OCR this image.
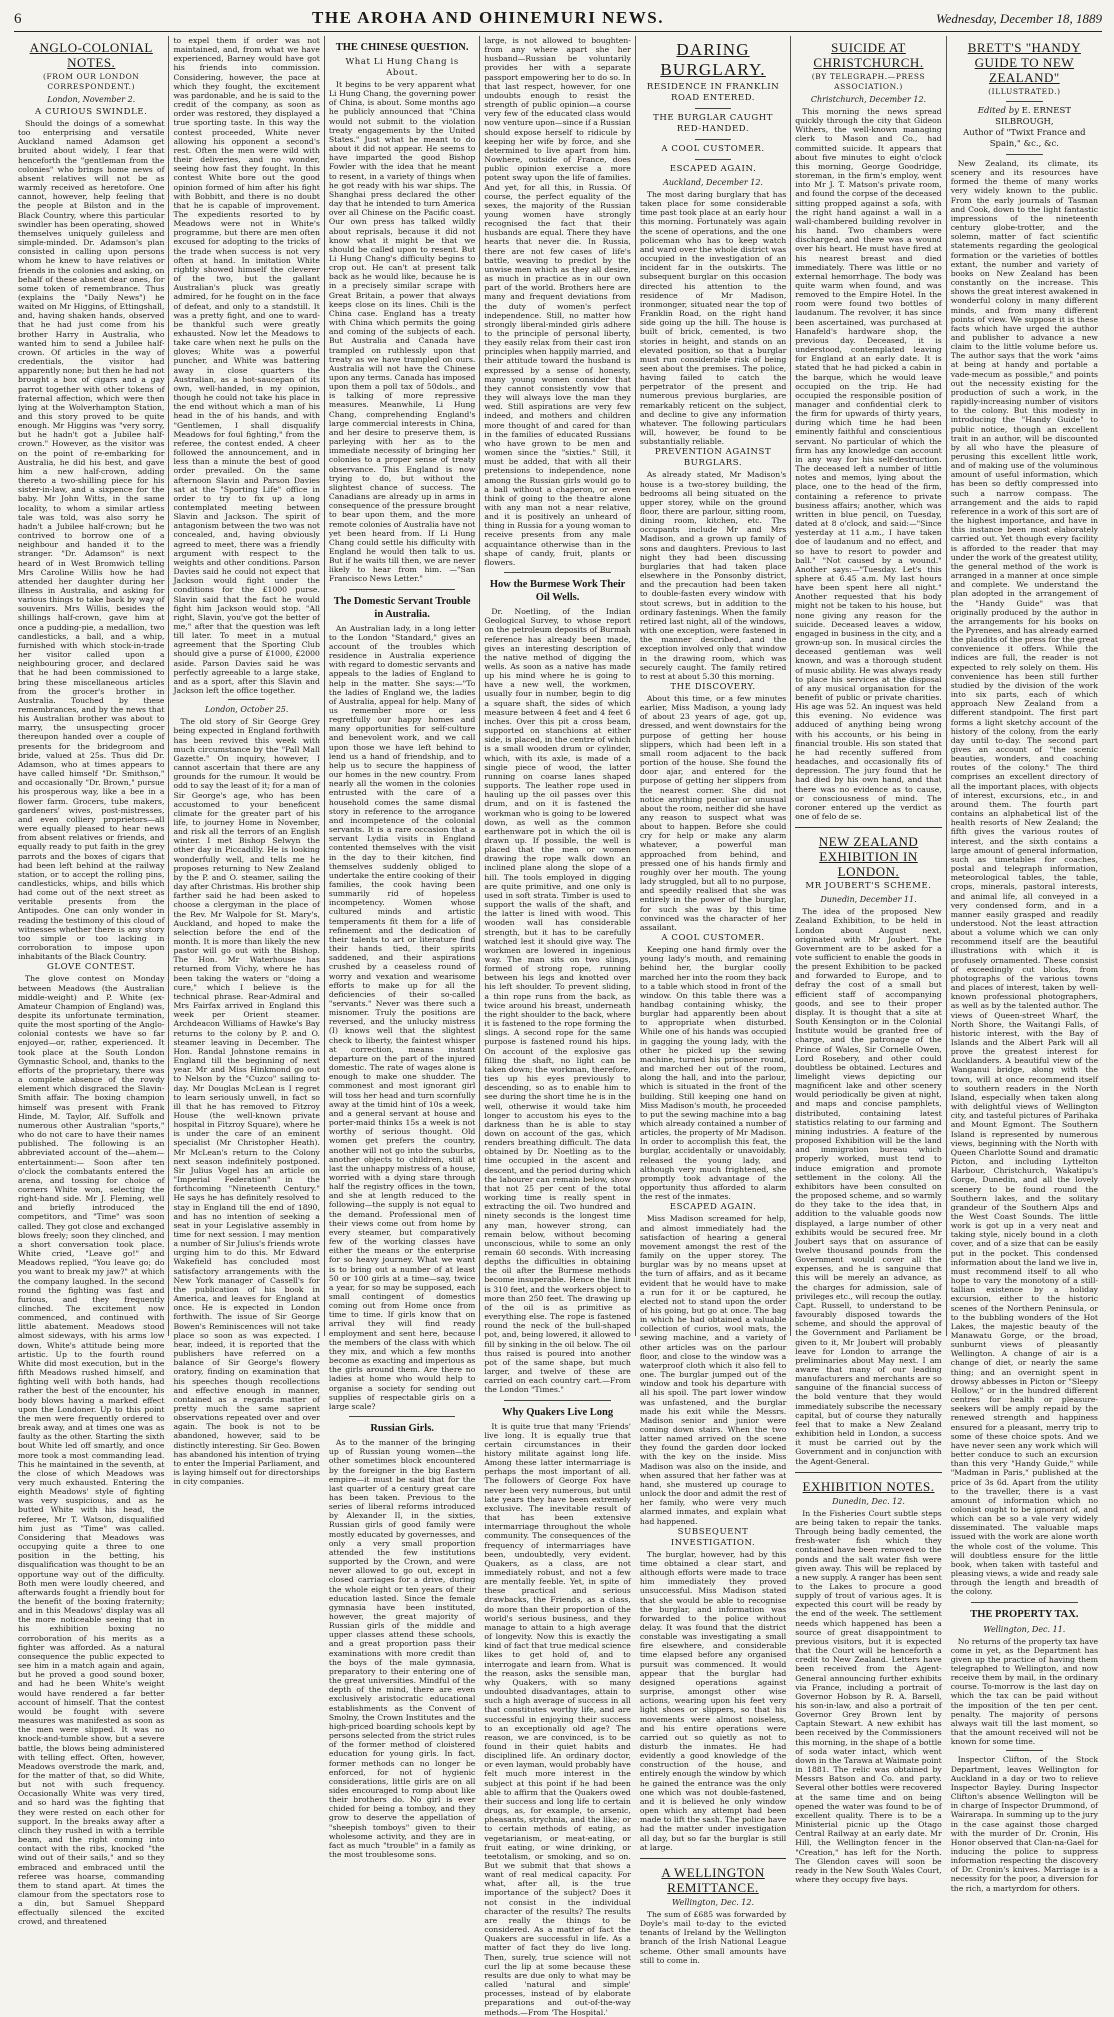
6	THE AROHA AND OHINEMURI NEWS.	Wednesday, December 18, 1889
ANGLO-COLONIAL NOTES.
(FROM OUR LONDON CORRESPONDENT.)
London, November 2.
A CURIOUS SWINDLE.

Should the doings of a somewhat too enterprising and versatile Auckland named Adamson get bruited about widely, I fear that henceforth the "gentleman from the colonies" who brings home news of absent relatives will not be as warmly received as heretofore. One cannot, however, help feeling that the people at Bilston and in the Black Country, where this particular swindler has been operating, showed themselves uniquely guileless and simple-minded. Dr. Adamson's plan consisted in calling upon persons whom he knew to have relatives or friends in the colonies and asking, on behalf of these absent dear ones, for some token of remembrance. Thus (explains the "Daily News") he waited on Mr Higgins, of Ettingshall, and, having shaken hands, observed that he had just come from his brother Harry in Australia, who wanted him to send a Jubilee half-crown. Of articles in the way of credentials, the visitor had apparently none; but then he had not brought a box of cigars and a gay parrot together with other tokens of fraternal affection, which were then lying at the Wolverhampton Station, and this story proved to be quite enough. Mr Higgins was "very sorry, but he hadn't got a Jubilee half-crown." However, as the visitor was on the point of re-embarking for Australia, he did his best, and gave him a new half-crown, adding thereto a two-shilling piece for his sister-in-law, and a sixpence for the baby. Mr John Witts, in the same locality, to whom a similar artless tale was told, was also sorry he hadn't a Jubilee half-crown; but he contrived to borrow one of a neighbour and handed it to the stranger. "Dr. Adamson" is next heard of in West Bromwich telling Mrs Caroline Willis how he had attended her daughter during her illness in Australia, and asking for various things to take back by way of souvenirs. Mrs Willis, besides the shillings half-crown, gave him at once a pudding-pie, a medallion, two candlesticks, a ball, and a whip, furnished with which stock-in-trade her visitor called upon a neighbouring grocer, and declared that he had been commissioned to bring these miscellaneous articles from the grocer's brother in Australia. Touched by these remembrances, and by the news that his Australian brother was about to marry, the unsuspecting grocer thereupon handed over a couple of presents for the bridegroom and bride, valued at 25s. Thus did Dr. Adamson, who at times appears to have called himself "Dr. Smithson," and occasionally "Dr. Brown," pursue his prosperous way, like a bee in a flower farm. Grocers, tube makers, gardeners' wives, post-mistresses, and even colliery proprietors—all were equally pleased to hear news from absent relatives or friends, and equally ready to put faith in the grey parrots and the boxes of cigars that had been left behind at the railway station, or to accept the rolling pins, candlesticks, whips, and bills which had come out of the next street as veritable presents from the Antipodes. One can only wonder in reading the testimony of this cloud of witnesses whether there is any story too simple or too lacking in corroboration to impose upon inhabitants of the Black Country.

GLOVE CONTEST.

The glove contest on Monday between Meadows (the Australian middle-weight) and P. White (ex-Amateur Champion of England) was, despite its unfortunate termination, quite the most sporting of the Anglo-colonial contests we have so far enjoyed—or, rather, experienced. It took place at the South London Gymnastic School, and, thanks to the efforts of the proprietary, there was a complete absence of the rowdy element which disgraced the Slavin-Smith affair. The boxing champion himself was present with Frank Hinde, M. Taylor, Alf. Suffolk and numerous other Australian "sports," who do not care to have their names published. The following is an abbreviated account of the—ahem—entertainment:— Soon after ten o'clock the combatants entered the arena, and tossing for choice of corners White won, selecting the right-hand side. Mr J. Fleming, well and briefly introduced the competitors, and "Time" was soon called. They got close and exchanged blows freely; soon they clinched, and a short conversation took place. White cried, "Leave go!" and Meadows replied, "You leave go; do you want to break my jaw?" at which the company laughed. In the second round the fighting was fast and furious, and they frequently clinched. The excitement now commenced, and continued with little abatement. Meadows stood almost sideways, with his arms low down, White's attitude being more artistic. Up to the fourth round White did most execution, but in the fifth Meadows rushed himself, and fighting well with both hands, had rather the best of the encounter, his body blows having a marked effect upon the Londoner. Up to this point the men were frequently ordered to break away, and at times one was as faulty as the other. Starting the sixth bout White led off smartly, and once more took a most commanding lead. This he maintained in the seventh, at the close of which Meadows was very much exhausted. Entering the eighth Meadows' style of fighting was very suspicious, and as he butted White with his head, the referee, Mr T. Watson, disqualified him just as "Time" was called. Considering that Meadows was occupying quite a three to one position in the betting, his disqualification was thought to be an opportune way out of the difficulty. Both men were loudly cheered, and afterwards fought a friendly bout for the benefit of the boxing fraternity; and in this Meadows' display was all the more noticeable seeing that in his exhibition boxing no corroboration of his merits as a fighter was afforded. As a natural consequence the public expected to see him in a match again and again, but he proved a good sound boxer, and had he been White's weight would have rendered a far better account of himself. That the contest would be fought with severe measures was manifested as soon as the men were slipped. It was no knock-and-tumble show, but a severe battle, the blows being administered with telling effect. Often, however, Meadows overstrode the mark, and, for the matter of that, so did White, but not with such frequency. Occasionally White was very tired, and so hard was the fighting that they were rested on each other for support. In the breaks away after a clinch they rushed in with a terrible beam, and the right coming into contact with the ribs, knocked "the wind out of their sails," and so they embraced and embraced until the referee was hoarse, commanding them to stand apart. At times the clamour from the spectators rose to a din, but Samuel Sheppard effectually silenced the excited crowd, and threatened

to expel them if order was not maintained, and, from what we have experienced, Barney would have got his friends into commission. Considering, however, the pace at which they fought, the excitement was pardonable, and he is said to the credit of the company, as soon as order was restored, they displayed a true sporting taste. In this way the contest proceeded, White never allowing his opponent a second's rest. Often the men were wild with their deliveries, and no wonder, seeing how fast they fought. In this contest White bore out the good opinion formed of him after his fight with Bobbitt, and there is no doubt that he is capable of improvement. The expedients resorted to by Meadows were not in White's programme, but there are men often excused for adopting to the tricks of the trade when success is not very often at hand. In imitation White rightly showed himself the cleverer of the two, but the gallant Australian's pluck was greatly admired, for he fought on in the face of defeat, and only to a standstill. It was a pretty fight, and one to ward-be thankful such were greatly exhausted. Now let the Meadows to take care when next he pulls on the gloves; White was a powerful puncher, and White was battering away in close quarters the Australian, as a hot-saucepan of its own, well-handed, in my opinion, though he could not take his place in the end without which a man of his head in the of his hands, and with "Gentlemen, I shall disqualify Meadows for foul fighting," from the referee, the contest ended. A cheer followed the announcement, and in less than a minute the best of good order prevailed. On the same afternoon Slavin and Parson Davies sat at the "Sporting Life" office in order to try to fix up a long contemplated meeting between Slavin and Jackson. The spirit of antagonism between the two was not concealed, and, having obviously agreed to meet, there was a friendly argument with respect to the weights and other conditions. Parson Davies said he could not expect that Jackson would fight under the conditions for the £1000 purse. Slavin said that the fact he would fight him Jackson would stop. "All right, Slavin, you've got the better of me," after that the question was left till later. To meet in a mutual agreement that the Sporting Club should give a purse of £1000, £2000 aside. Parson Davies said he was perfectly agreeable to a large stake, and as a sport, after this Slavin and Jackson left the office together.

London, October 25.

The old story of Sir George Grey being expected in England forthwith has been revived this week with much circumstance by the "Pall Mall Gazette." On inquiry, however, I cannot ascertain that there are any grounds for the rumour. It would be odd to say the least of it; for a man of Sir George's age, who has been accustomed to your beneficent climate for the greater part of his life, to journey Home in November, and risk all the terrors of an English winter. I met Bishop Selwyn the other day in Piccadilly. He is looking wonderfully well, and tells me he proposes returning to New Zealand by the P. and O. steamer, sailing the day after Christmas. His brother ship farther said he had been asked to choose a clergyman in the place of the Rev. Mr Walpole for St. Mary's, Auckland, and hoped to make the selection before the end of the month. It is more than likely the new pastor will go out with the Bishop. The Hon. Mr Waterhouse has returned from Vichy, where he has been taking the waters or "doing a cure," which I believe is the technical phrase. Rear-Admiral and Mrs Fairfax arrived in England this week per Orient steamer. Archdeacon Williams of Hawke's Bay returns to the colony by P. and O. steamer leaving in December. The Hon. Randal Johnstone remains in England till the beginning of next year. Mr and Miss Hinkmond go out to Nelson by the "Cuzco" sailing to-day. Mr Douglas McLean is I regret to learn seriously unwell, in fact so ill that he has removed to Fitzroy House (the well-known private hospital in Fitzroy Square), where he is under the care of an eminent specialist (Mr Christopher Heath). Mr McLean's return to the Colony next season indefinitely postponed. Sir Julius Vogel has an article on "Imperial Federation" in the forthcoming "Nineteenth Century." He says he has definitely resolved to stay in England till the end of 1890, and has no intention of seeking a seat in your Legislative assembly in time for next session. I may mention a number of Sir Julius's friends wrote urging him to do this. Mr Edward Wakefield has concluded most satisfactory arrangements with the New York manager of Cassell's for the publication of his book in America, and leaves for England at once. He is expected in London forthwith. The issue of Sir George Bowen's Reminiscences will not take place so soon as was expected. I hear, indeed, it is reported that the publishers have referred on a balance of Sir George's flowery oratory, finding on examination that his speeches though recollections and effective enough in manner, contained as a regards matter of pretty much the same saprient observations repeated over and over again. The book is not to be abandoned, however, said to be distinctly interesting. Sir Geo. Bowen has abandoned his intention of trying to enter the Imperial Parliament, and is laying himself out for directorships in city companies.

THE CHINESE QUESTION.
What Li Hung Chang is About.

It begins to be very apparent what Li Hung Chang, the governing power of China, is about. Some months ago he publicly announced that "China would not submit to the violation treaty engagements by the United States." Just what he meant to do about it did not appear. He seems to have imparted the good Bishop Fowler with the idea that he meant to resent, in a variety of things when he got ready with his war ships. The Shanghai press declared the other day that he intended to turn America over all Chinese on the Pacific coast. Our own press has talked wildly about reprisals, because it did not know what it might be that we should be called upon to resent. But Li Hung Chang's difficulty begins to crop out. He can't at present talk back as he would like, because he is in a precisely similar scrape with Great Britain, a power that always keeps close on its lines. Chili is the China case. England has a treaty with China which permits the going and coming of the subjects of each. But Australia and Canada have trampled on ruthlessly upon that treaty as we have trampled on ours. Australia will not have the Chinese upon any terms. Canada has imposed upon them a poll tax of 50dols., and is talking of more repressive measures. Meanwhile, Li Hung Chang, comprehending England's large commercial interests in China, and her desire to preserve them, is parleying with her as to the immediate necessity of bringing her colonies to a proper sense of treaty observance. This England is now trying to do, but without the slightest chance of success. The Canadians are already up in arms in consequence of the pressure brought to bear upon them, and the more remote colonies of Australia have not yet been heard from. If Li Hung Chang could settle his difficulty with England he would then talk to us. But if he waits till then, we are never likely to hear from him. —"San Francisco News Letter."

The Domestic Servant Trouble in Australia.

An Australian lady, in a long letter to the London "Standard," gives an account of the troubles which residence in Australia experience with regard to domestic servants and appeals to the ladies of England to help in the matter. She says:—"To the ladies of England we, the ladies of Australia, appeal for help. Many of us remember more or less regretfully our happy homes and many opportunities for self-culture and benevolent work, and we call upon those we have left behind to lend us a hand of friendship, and to help us to secure the happiness of our homes in the new country. From nearly all the women in the colonies entrusted with the care of a household comes the same dismal story in reference to the arrogance and incompetence of the colonial servants. It is a rare occasion that a servant Lydia visits in England contented themselves with the visit in the day to their kitchen, find themselves suddenly obliged to undertake the entire cooking of their families, the cook having been summarily rid of hopeless incompetency. Women whose cultured minds and artistic temperaments fit them for a life of refinement and the dedication of their talents to art or literature find their hands tied, their spirits saddened, and their aspirations crushed by a ceaseless round of worry and vexation and wearisome efforts to make up for all the deficiencies of their so-called "servants." Never was there such a misnomer. Truly the positions are reversed, and the unlucky mistress (I) knows well that the slightest check to liberty, the faintest whisper at correction, means instant departure on the part of the injured domestic. The rate of wages alone is enough to make one shudder. The commonest and most ignorant girl will toss her head and turn scornfully away at the timid hint of 10s a week, and a general servant at house and porter-maid thinks 15s a week is not worthy of serious thought. Old women get prefers the country, another will not go into the suburbs, another objects to children, still at last the unhappy mistress of a house, worried with a dying stare through half the registry offices in the town, and she at length reduced to the following—the supply is not equal to the demand. Professional men of their views come out from home by every steamer, but comparatively few of the working classes have either the means or the enterprise for so heavy journey. What we want is to bring out a number of at least 50 or 100 girls at a time—say, twice a year, for so may be supposed, each small contingent of domestics coming out from Home once from time to time. If girls know that on arrival they will find ready employment and sent here, because the members of the class with which they mix, and which a few months become as exacting and imperious as the girls around them. Are there no ladies at home who would help to organise a society for sending out supplies of respectable girls on a large scale?

Russian Girls.

As to the manner of the bringing up of Russian young women—the other sometimes block encountered by the foreigner in the big Eastern empire—it must be said that for the last quarter of a century great care has been taken. Previous to the series of liberal reforms introduced by Alexander II, in the sixties, Russian girls of good family were mostly educated by governesses, and only a very small proportion attended the few institutions supported by the Crown, and were never allowed to go out, except in closed carriages for a drive, during the whole eight or ten years of their education lasted. Since the female gymnasia have been instituted, however, the great majority of Russian girls of the middle and upper classes attend these schools, and a great proportion pass their examinations with more credit than the boys of the male gymnasia, preparatory to their entering one of the great universities. Mindful of the depth of the mind, there are even exclusively aristocratic educational establishments as the Convent of Smolny, the Crown Institutes and the high-priced boarding schools kept by persons selected from the strict rules of the former method of cloistered education for young girls. In fact, former methods can no longer be enforced, for not of hygienic considerations, little girls are on all sides encouraged to romp about like their brothers do. No girl is ever chided for being a tomboy, and they grow to deserve the appellation of "sheepish tomboys" given to their wholesome activity, and they are in fact as much "trouble" in a family as the most troublesome sons.

large, is not allowed to boughten-from any where apart she her husband—Russian be voluntarily provides her with a separate passport empowering her to do so. In that last respect, however, for one undoubts enough to resist the strength of public opinion—a course very few of the educated class would now venture upon—since if a Russian should expose herself to ridicule by keeping her wife by force, and she determined to live apart from him. Nowhere, outside of France, does public opinion exercise a more potent sway upon the life of families. And yet, for all this, in Russia. Of course, the perfect equality of the sexes, the majority of the Russian young women have strongly recognised the fact that their husbands are equal. There they have hearts that never die. In Russia, there are not few cases of life's battle, weaving to predict by the unwise men which as they all desire, as much in practice as in our own part of the world. Brothers here are many and frequent deviations from the duty of women's perfect independence. Still, no matter how strongly liberal-minded girls adhere to the principle of personal liberty, they easily relax from their cast iron principles when happily married, and their attitude toward the husband is expressed by a sense of honesty, many young women consider that they cannot consistently vow that they will always love the man they wed. Still aspirations are very few indeed, and mothers and children more thought of and cared for than in the families of educated Russians who have grown to be men and women since the "sixties." Still, it must be added, that with all their pretensions to independence, none among the Russian girls would go to a ball without a chaperon, or even think of going to the theatre alone with any man not a near relative, and it is positively an unheard of thing in Russia for a young woman to receive presents from any male acquaintance otherwise than in the shape of candy, fruit, plants or flowers.

How the Burmese Work Their Oil Wells.

Dr. Noetling, of the Indian Geological Survey, to whose report on the petroleum deposits of Burmah reference has already been made, gives an interesting description of the native method of digging the wells. As soon as a native has made up his mind where he is going to have a new well, the workmen, usually four in number, begin to dig a square shaft, the sides of which measure between 4 feet and 4 feet 6 inches. Over this pit a cross beam, supported on stanchions at either side, is placed, in the centre of which is a small wooden drum or cylinder, which, with its axle, is made of a single piece of wood, the latter running on coarse lanes shaped supports. The leather rope used in hauling up the oil passes over this drum, and on it is fastened the workman who is going to be lowered down, as well as the common earthenware pot in which the oil is drawn up. If possible, the well is placed that the men or women drawing the rope walk down an inclined plane along the slope of a hill. The tools employed in digging are quite primitive, and one only is used in soft strata. Timber is used to support the walls of the shaft, and the latter is lined with wood. This wooden wall has considerable strength, but it has to be carefully watched lest it should give way. The workmen are lowered in ingenious way. The man sits on two slings, formed of strong rope, running between his legs and knotted over his left shoulder. To prevent sliding, a thin rope runs from the back, as twice around his breast, underneath the right shoulder to the back, where it is fastened to the rope forming the slings. A second rope for the same purpose is fastened round his hips. On account of the explosive gas filling the shaft, no light can be taken down; the workman, therefore, ties up his eyes previously to descending, so as to enable him to see during the short time he is in the well, otherwise it would take him longer to accustom his eyes to the darkness than he is able to stay down on account of the gas, which renders breathing difficult. The data obtained by Dr. Noetling as to the time occupied in the ascent and descent, and the period during which the labourer can remain below, show that not 25 per cent of the total working time is really spent in extracting the oil. Two hundred and ninety seconds is the longest time any man, however strong, can remain below, without becoming unconscious, while to some an only remain 60 seconds. With increasing depths the difficulties in obtaining the oil after the Burmese methods become insuperable. Hence the limit is 310 feet, and the workers object to more than 250 feet. The drawing up of the oil is as primitive as everything else. The rope is fastened round the neck of the bull-shaped pot, and, being lowered, it allowed to fill by sinking in the oil below. The oil thus raised is poured into another pot of the same shape, but much larger, and twelve of these are carried on each country cart.—From the London "Times."

Why Quakers Live Long

It is quite true that many 'Friends' live long. It is equally true that certain circumstances in their history militate against long life. Among these latter intermarriage is perhaps the most important of all. The followers of George Fox have never been very numerous, but until late years they have been extremely exclusive. The inevitable result of that has been extensive intermarriage throughout the whole community. The consequences of the frequency of intermarriages have been, undoubtedly, very evident. Quakers, as a class, are not immediately robust, and not a few are mentally feeble. Yet, in spite of these practical and serious drawbacks, the Friends, as a class, do more than their proportion of the world's serious business, and they manage to attain to a high average of longevity. Now this is exactly the kind of fact that true medical science likes to get hold of, and to interrogate and learn from. What is the reason, asks the sensible man, why Quakers, with so many undoubted disadvantages, attain to such a high average of success in all that constitutes worthy life, and are successful in enjoying their success to an exceptionally old age? The reason, we are convinced, is to be found in their quiet habits and disciplined life. An ordinary doctor, or even layman, would probably have felt much more interest in the subject at this point if he had been able to affirm that the Quakers owed their success and long life to certain drugs, as, for example, to arsenic, pheasants, strychnia, and the like; or to certain methods of eating, as vegetarianism, or meat-eating, or fruit eating, or wine drinking, or teetotalism, or smoking, and so on. But we submit that that shows a want of real medical capacity. For what, after all, is the true importance of the subject? Does it not consist in the individual character of the results? The results are really the things to be considered. As a matter of fact the Quakers are successful in life. As a matter of fact they do live long. Then, surely, true science will not curl the lip at some because these results are due only to what may be called 'natural and simple' processes, instead of by elaborate preparations and out-of-the-way methods.—From 'The Hospital.'

DARING BURGLARY.
RESIDENCE IN FRANKLIN ROAD ENTERED.
THE BURGLAR CAUGHT RED-HANDED.
A COOL CUSTOMER.
ESCAPED AGAIN.
Auckland, December 12.

The most daring burglary that has taken place for some considerable time past took place at an early hour this morning. Fortunately was again the scene of operations, and the one policeman who has to keep watch and ward over the whole district was occupied in the investigation of an incident far in the outskirts. The subsequent burglar on this occasion directed his attention to the residence of Mr Madison, ironmonger, situated near the top of Franklin Road, on the right hand side going up the hill. The house is built of brick, cemented, is two stories in height, and stands on an elevated position, so that a burglar must run considerable risk of being seen about the premises. The police, having failed to catch the perpetrator of the present and numerous previous burglaries, are remarkably reticent on the subject, and decline to give any information whatever. The following particulars will, however, be found to be substantially reliable.

PREVENTION AGAINST BURGLARS.

As already stated, Mr Madison's house is a two-storey building, the bedrooms all being situated on the upper storey, while on the ground floor, there are parlour, sitting room, dining room, kitchen, etc. The occupants include Mr and Mrs Madison, and a grown up family of sons and daughters. Previous to last night they had been discussing burglaries that had taken place elsewhere in the Ponsonby district, and the precaution had been taken to double-fasten every window with stout screws, but in addition to the ordinary fastenings. When the family retired last night, all of the windows, with one exception, were fastened in the manner described, and the exception involved only that window in the drawing room, which was securely caught. The family retired to rest at about 5.30 this morning.

THE DISCOVERY.

About this time, or a few minutes earlier, Miss Madison, a young lady of about 23 years of age, got up, dressed, and went downstairs for the purpose of getting her house slippers, which had been left in a small room adjacent to the back portion of the house. She found the door ajar, and entered for the purpose of getting her slippers from the nearest corner. She did not notice anything peculiar or unusual about the room, neither did she have any reason to suspect what was about to happen. Before she could cry for help or make any alarm whatever, a powerful man approached from behind, and pressed one of his hands firmly and roughly over her mouth. The young lady struggled, but all to no purpose, and speedily realised that she was entirely in the power of the burglar, for such she was by this time convinced was the character of her assailant.

A COOL CUSTOMER.

Keeping one hand firmly over the young lady's mouth, and remaining behind her, the burglar coolly marched her into the room they back to a table which stood in front of the window. On this table there was a handbag containing whisky, the burglar had apparently been about to appropriate when disturbed. While one of his hands was occupied in gagging the young lady, with the other he picked up the sewing machine, turned his prisoner round, and marched her out of the room, along the hall, and into the parlour, which is situated in the front of the building. Still keeping one hand on Miss Madison's mouth, he proceeded to put the sewing machine into a bag which already contained a number of articles, the property of Mr Madison. In order to accomplish this feat, the burglar, accidentally or unavoidably, released the young lady, and although very much frightened, she promptly took advantage of the opportunity thus afforded to alarm the rest of the inmates.

ESCAPED AGAIN.

Miss Madison screamed for help, and almost immediately had the satisfaction of hearing a general movement amongst the rest of the family on the upper storey. The burglar was by no means upset at the turn of affairs, and as it became evident that he would have to make a run for it or be captured, he elected not to stand upon the order of his going, but go at once. The bag in which he had obtained a valuable collection of curios, wool mats, the sewing machine, and a variety of other articles was on the parlour floor, and close to the window was a waterproof cloth which it also fell to one. The burglar jumped out of the window and took his departure with all his spoil. The part lower window was unfastened, and the burglar made his exit while the Messrs. Madison senior and junior were coming down stairs. When the two latter named arrived on the scene they found the garden door locked with the key on the inside. Miss Madison was also on the inside, and when assured that her father was at hand, she mustered up courage to unlock the door and admit the rest of her family, who were very much alarmed inmates, and explain what had happened.

SUBSEQUENT INVESTIGATION.

The burglar, however, had by this time obtained a clear start, and although efforts were made to trace him immediately they proved unsuccessful. Miss Madison stated that she would be able to recognise the burglar, and information was forwarded to the police without delay. It was found that the district constable was investigating a small fire elsewhere, and considerable time elapsed before any organised pursuit was commenced. It would appear that the burglar had designed operations against surprise, amongst other wise actions, wearing upon his feet very light shoes or slippers, so that his movements were almost noiseless, and his entire operations were carried out so quietly as not to disturb the inmates. He had evidently a good knowledge of the construction of the house, and entirely enough the window by which he gained the entrance was the only one which was not double-fastened, and it is believed he only window open which any attempt had been made to lift the sash. The police have had the matter under investigation all day, but so far the burglar is still at large.

A WELLINGTON REMITTANCE.
Wellington, Dec. 12.

The sum of £685 was forwarded by Doyle's mail to-day to the evicted tenants of Ireland by the Wellington branch of the Irish National League scheme. Other small amounts have still to come in.

SUICIDE AT CHRISTCHURCH.
(BY TELEGRAPH.—PRESS ASSOCIATION.)
Christchurch, December 12.

This morning the news spread quickly through the city that Gideon Withers, the well-known managing clerk to Mason and Co., had committed suicide. It appears that about five minutes to eight o'clock this morning, George Goodridge, storeman, in the firm's employ, went into Mr J. T. Matson's private room, and found the corpse of the deceased sitting propped against a sofa, with the right hand against a wall in a wall-chambered building revolver in his hand. Two chambers were discharged, and there was a wound over his heart. He must have fired at his nearest breast and died immediately. There was little or no external hemorrhage. The body was quite warm when found, and was removed to the Empire Hotel. In the room were found two bottles of laudanum. The revolver, it has since been ascertained, was purchased at Hanafeld's hardware shop, the previous day. Deceased, it is understood, contemplated leaving for England at an early date. It is stated that he had picked a cabin in the barque, which he would leave occupied on the trip. He had occupied the responsible position of manager and confidential clerk to the firm for upwards of thirty years, during which time he had been eminently faithful and conscientious servant. No particular of which the firm has any knowledge can account in any way for his self-destruction. The deceased left a number of little notes and memos, lying about the place, one to the head of the firm, containing a reference to private business affairs; another, which was written in blue pencil, on Tuesday, dated at 8 o'clock, and said:—"Since yesterday at 11 a.m., I have taken doe of laudanum and no effect, and so have to resort to powder and ball." "Not caused by a wound." Another says:—"Tuesday. Let's this sphere at 6.45 a.m. My last hours have been spent here all night." Another requested that his body might not be taken to his house, but none giving any reason for the suicide. Deceased leaves a widow, engaged in business in the city, and a grown-up son. In musical circles the deceased gentleman was well known, and was a thorough student of music ability. He was always ready to place his services at the disposal of any musical organisation for the benefit of public or private charities. His age was 52. An inquest was held this evening. No evidence was adduced of anything being wrong with his accounts, or his being in financial trouble. His son stated that he had recently suffered from headaches, and occasionally fits of depression. The jury found that he had died by his own hand, and that there was no evidence as to cause, or consciousness of mind. The coroner entered up the verdict as one of felo de se.

NEW ZEALAND EXHIBITION IN LONDON.
MR JOUBERT'S SCHEME.
Dunedin, December 11.

The idea of the proposed New Zealand Exhibition, to be held in London about August next, originated with Mr Joubert. The Government are to be asked for a vote sufficient to enable the goods in the present Exhibition to be packed and forwarded to Europe, and to defray the cost of a small but efficient staff of accompanying goods, and see to their proper display. It is thought that a site at South Kensington or in the Colonial Institute would be granted free of charge, and the patronage of the Prince of Wales, Sir Cornelle Owen, Lord Rosebery, and other could doubtless be obtained. Lectures and limelight views depicting our magnificent lake and other scenery would periodically be given at night, and maps and concise pamphlets, distributed, containing latest statistics relating to our farming and mining industries. A feature of the proposed Exhibition will be the land and immigration bureau which properly worked, must tend to induce emigration and promote settlement in the colony. All the exhibitors have been consulted on the proposed scheme, and so warmly do they take to the idea that, in addition to the valuable goods now displayed, a large number of other exhibits would be secured free. Mr Joubert says that on assurance of twelve thousand pounds from the Government would cover all the expenses, and he is sanguine that this will be merely an advance, as the charges for admission, sale of privileges etc., will recoup the outlay. Capt. Russell, to understand to be favourably disposed towards the scheme, and should the approval of the Government and Parliament be given to it, Mr Joubert will probably leave for London to arrange the preliminaries about May next. I am aware that many of our leading manufacturers and merchants are so sanguine of the financial success of the bold venture that they would immediately subscribe the necessary capital, but of course they naturally feel that to make a New Zealand exhibition held in London, a success it must be carried out by the Government and in conjunction with the Agent-General.

EXHIBITION NOTES.
Dunedin, Dec. 12.

In the Fisheries Court subtle steps are being taken to repair the tanks. Through being badly cemented, the fresh-water fish which they contained have been removed to the ponds and the salt water fish were given away. This will be replaced by a new supply. A ranger has been sent to the Lakes to procure a good supply of trout of various ages. It is expected this court will be ready by the end of the week. The settlement needs which happened has been a source of great disappointment to previous visitors, but it is expected that the Court will be henceforth a credit to New Zealand. Letters have been received from the Agent-General announcing further exhibits via France, including a portrait of Governor Hobson by R. A. Barsell, his son-in-law, and also a portrait of Governor Grey Brown lent by Captain Stewart. A new exhibit has been received by the Commissioners this morning, in the shape of a bottle of soda water intact, which went down in the Tarawa at Waimate point in 1881. The relic was obtained by Messrs Batson and Co. and party. Several other bottles were recovered at the same time and on being opened the water was found to be of excellent quality. There is to be a Ministerial picnic up the Otago Central Railway at an early date. Mr Hill, the Wellington fencer in the "Creation," has left for the North. The Glendon caves will soon be ready in the New South Wales Court, where they occupy five bays.

BRETT'S "HANDY GUIDE TO NEW ZEALAND"
(ILLUSTRATED.)
Edited by E. ERNEST SILBROUGH,
Author of "Twixt France and Spain," &c., &c.

New Zealand, its climate, its scenery and its resources have formed the theme of many works very widely known to the public. From the early journals of Tasman and Cook, down to the light fantastic impressions of the nineteenth century globe-trotter, and the solemn, matter of fact scientific statements regarding the geological formation or the varieties of bottles extant, the number and variety of books on New Zealand has been constantly on the increase. This shows the great interest awakened in wonderful colony in many different minds, and from many different points of view. We suppose it is these facts which have urged the author and publisher to advance a new claim to the little volume before us. The author says that the work "aims at being at handy and portable a vade-mecum as possible," and points out the necessity existing for the production of such a work, in the rapidly-increasing number of visitors to the colony. But this modesty in introducing the "Handy Guide" to public notice, though an excellent trait in an author, will be discounted by all who have the pleasure of perusing this excellent little work, and of making use of the voluminous amount of useful information, which has been so deftly compressed into such a narrow compass. The arrangement and the aids to rapid reference in a work of this sort are of the highest importance, and have in this instance been most elaborately carried out. Yet though every facility is afforded to the reader that may under the work of the greatest utility, the general method of the work is arranged in a manner at once simple and complete. We understand the plan adopted in the arrangement of the "Handy Guide" was that originally produced by the author in the arrangements for his books on the Pyrenees, and has already earned the plaudits of the press for the great convenience it offers. While the indices are full, the reader is not expected to rely solely on them. His convenience has been still further studied by the division of the work into six parts, each of which approach New Zealand from a different standpoint. The first part forms a light sketchy account of the history of the colony, from the early day until to-day. The second part gives an account of "the scenic beauties, wonders, and coaching routes of the colony." The third comprises an excellent directory of all the important places, with objects of interest, excursions, etc., in and around them. The fourth part contains an alphabetical list of the health resorts of New Zealand; the fifth gives the various routes of interest, and the sixth contains a large amount of general information, such as timetables for coaches, postal and telegraph information, meteorological tables, the table, crops, minerals, pastoral interests, and animal life, all conveyed in a very condensed form, and in a manner easily grasped and readily understood. Not the least attraction about a volume which we can only recommend itself are the beautiful illustrations with which it is profusely ornamented. These consist of exceedingly cut blocks, from photographs of the various towns and places of interest, taken by well-known professional photographers, as well as by the talented author. The views of Queen-street Wharf, the North Shore, the Waitangi Falls, of historic interest, with the Bay of Islands and the Albert Park will all prove the greatest interest for Aucklanders. A beautiful view of the Wanganui bridge, along with the town, will at once recommend itself to southern readers in the North Island, especially when taken along with delightful views of Wellington city, and tasteful pictures of Parihaka and Mount Egmont. The Southern Island is represented by numerous views, beginning with the North with Queen Charlotte Sound and dramatic Picton, and including Lyttelton Harbour, Christchurch, Wakatipu's Gorge, Dunedin, and all the lovely scenery to be found round the Southern lakes, and the solitary grandeur of the Southern Alps and the West Coast Sounds. The little work is got up in a very neat and taking style, nicely bound in a cloth cover, and of a size that can be easily put in the pocket. This condensed information about the land we live in, must recommend itself to all who hope to vary the monotony of a still-tallian existence by a holiday excursion, either to the historic scenes of the Northern Peninsula, or to the bubbling wonders of the Hot Lakes, the majestic beauty of the Manawatu Gorge, or the broad, sunburnt views of pleasantly Wellington. A change of air is a change of diet, or nearly the same thing; and an overnight spent in drowsy abbesses in Picton or "Sleepy Hollow," or in the hundred different centres for health or pleasure-seekers will be amply repaid by the renewed strength and happiness ensured for a pleasant, merry trip to some of these choice spots. And we have never seen any work which will better conduce to such an excursion than this very "Handy Guide," while "Madman in Paris," published at the price of 3s 6d. Apart from the utility to the traveller, there is a vast amount of information which no colonist ought to be ignorant of, and which can be so a vale very widely disseminated. The valuable maps issued with the work are alone worth the whole cost of the volume. This will doubtless ensure for the little book, when taken with tasteful and pleasing views, a wide and ready sale through the length and breadth of the colony.

THE PROPERTY TAX.
Wellington, Dec. 11.

No returns of the property tax have come in yet, as the Department has given up the practice of having them telegraphed to Wellington, and now receive them by mail, in the ordinary course. To-morrow is the last day on which the tax can be paid without the imposition of the ten per cent. penalty. The majority of persons always wait till the last moment, so that the amount received will not be known for some time.

Inspector Clifton, of the Stock Department, leaves Wellington for Auckland in a day or two to relieve Inspector Bayley. During Inspector Clifton's absence Wellington will be in charge of Inspector Drummond, of Wairarapa. In summing up to the jury in the case against those charged with the murder of Dr. Cronin, His Honor observed that Clan-na-Gael for inducing the police to suppress information respecting the discovery of Dr. Cronin's knives. Marriage is a necessity for the poor, a diversion for the rich, a martyrdom for others.
